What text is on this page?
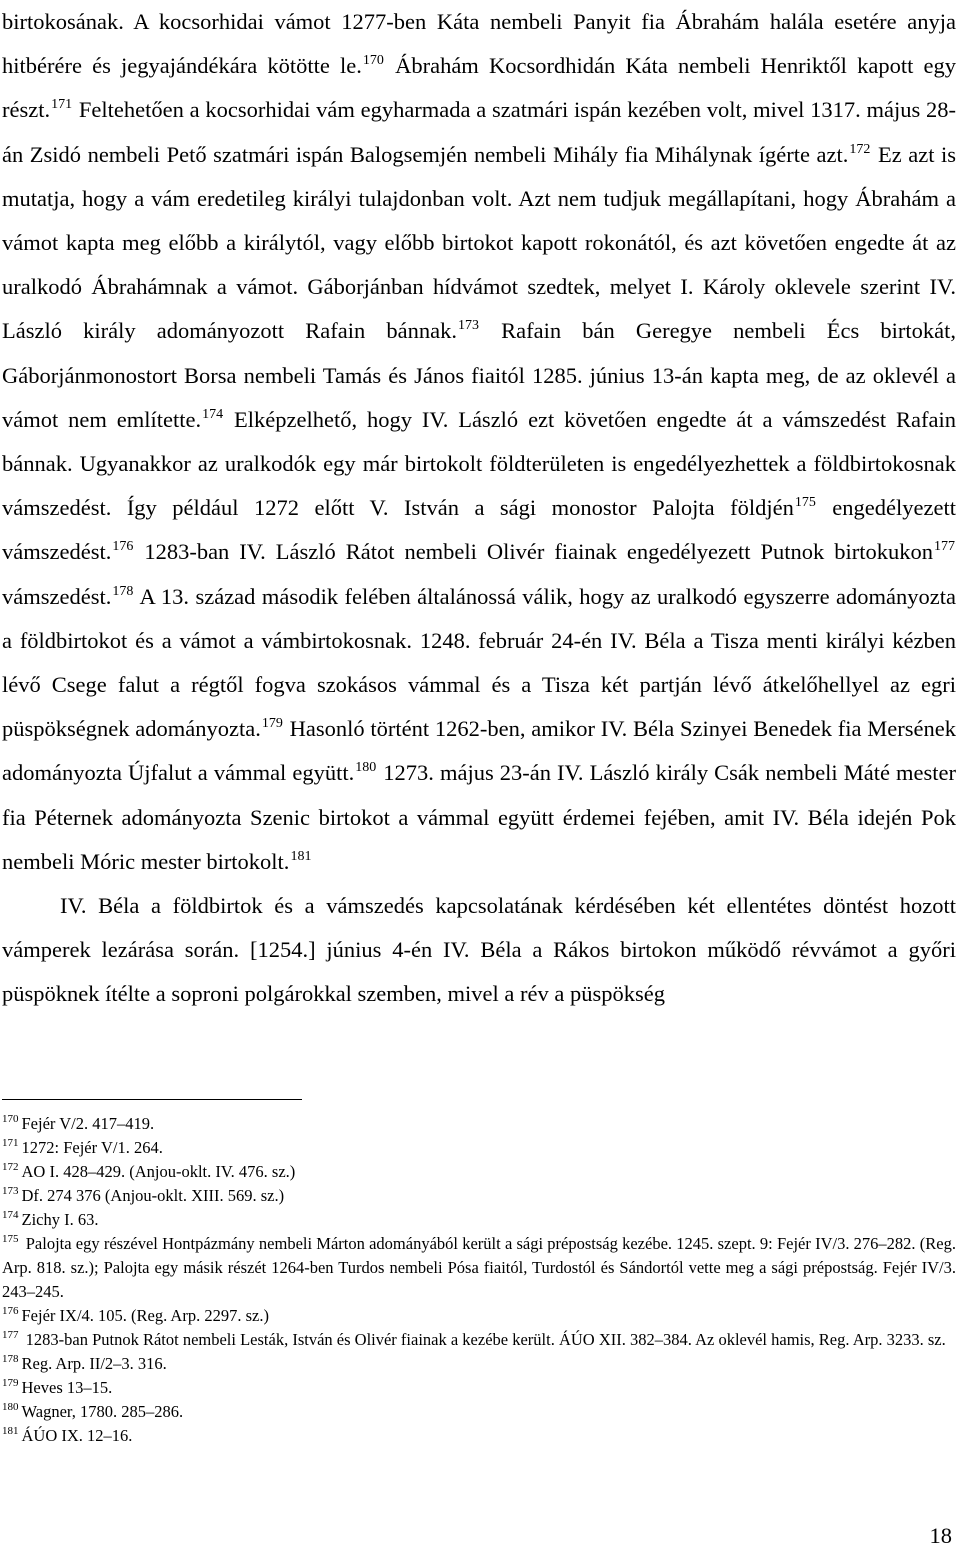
birtokosának. A kocsorhidai vámot 1277-ben Káta nembeli Panyit fia Ábrahám halála esetére anyja hitbérére és jegyajándékára kötötte le.$^{170}$ Ábrahám Kocsordhidán Káta nembeli Henriktől kapott egy részt.$^{171}$ Feltehetően a kocsorhidai vám egyharmada a szatmári ispán kezében volt, mivel 1317. május 28-án Zsidó nembeli Pető szatmári ispán Balogsemjén nembeli Mihály fia Mihálynak ígérte azt.$^{172}$ Ez azt is mutatja, hogy a vám eredetileg királyi tulajdonban volt. Azt nem tudjuk megállapítani, hogy Ábrahám a vámot kapta meg előbb a királytól, vagy előbb birtokot kapott rokonától, és azt követően engedte át az uralkodó Ábrahámnak a vámot. Gáborjánban hídvámot szedtek, melyet I. Károly oklevele szerint IV. László király adományozott Rafain bánnak.$^{173}$ Rafain bán Geregye nembeli Écs birtokát, Gáborjánmonostort Borsa nembeli Tamás és János fiaitól 1285. június 13-án kapta meg, de az oklevél a vámot nem említette.$^{174}$ Elképzelhető, hogy IV. László ezt követően engedte át a vámszedést Rafain bánnak. Ugyanakkor az uralkodók egy már birtokolt földterületen is engedélyezhettek a földbirtokosnak vámszedést. Így például 1272 előtt V. István a sági monostor Palojta földjén$^{175}$ engedélyezett vámszedést.$^{176}$ 1283-ban IV. László Rátot nembeli Olivér fiainak engedélyezett Putnok birtokukon$^{177}$ vámszedést.$^{178}$ A 13. század második felében általánossá válik, hogy az uralkodó egyszerre adományozta a földbirtokot és a vámot a vámbirtokosnak. 1248. február 24-én IV. Béla a Tisza menti királyi kézben lévő Csege falut a régtől fogva szokásos vámmal és a Tisza két partján lévő átkelőhellyel az egri püspökségnek adományozta.$^{179}$ Hasonló történt 1262-ben, amikor IV. Béla Szinyei Benedek fia Mersének adományozta Újfalut a vámmal együtt.$^{180}$ 1273. május 23-án IV. László király Csák nembeli Máté mester fia Péternek adományozta Szenic birtokot a vámmal együtt érdemei fejében, amit IV. Béla idején Pok nembeli Móric mester birtokolt.$^{181}$

IV. Béla a földbirtok és a vámszedés kapcsolatának kérdésében két ellentétes döntést hozott vámperek lezárása során. [1254.] június 4-én IV. Béla a Rákos birtokon működő révvámot a győri püspöknek ítélte a soproni polgárokkal szemben, mivel a rév a püspökség

$^{170}$ Fejér V/2. 417–419.
$^{171}$ 1272: Fejér V/1. 264.
$^{172}$ AO I. 428–429. (Anjou-oklt. IV. 476. sz.)
$^{173}$ Df. 274 376 (Anjou-oklt. XIII. 569. sz.)
$^{174}$ Zichy I. 63.
$^{175}$ Palojta egy részével Hontpázmány nembeli Márton adományából került a sági prépostság kezébe. 1245. szept. 9: Fejér IV/3. 276–282. (Reg. Arp. 818. sz.); Palojta egy másik részét 1264-ben Turdos nembeli Pósa fiaitól, Turdostól és Sándortól vette meg a sági prépostság. Fejér IV/3. 243–245.
$^{176}$ Fejér IX/4. 105. (Reg. Arp. 2297. sz.)
$^{177}$ 1283-ban Putnok Rátot nembeli Lesták, István és Olivér fiainak a kezébe került. ÁÚO XII. 382–384. Az oklevél hamis, Reg. Arp. 3233. sz.
$^{178}$ Reg. Arp. II/2–3. 316.
$^{179}$ Heves 13–15.
$^{180}$ Wagner, 1780. 285–286.
$^{181}$ ÁÚO IX. 12–16.
18
